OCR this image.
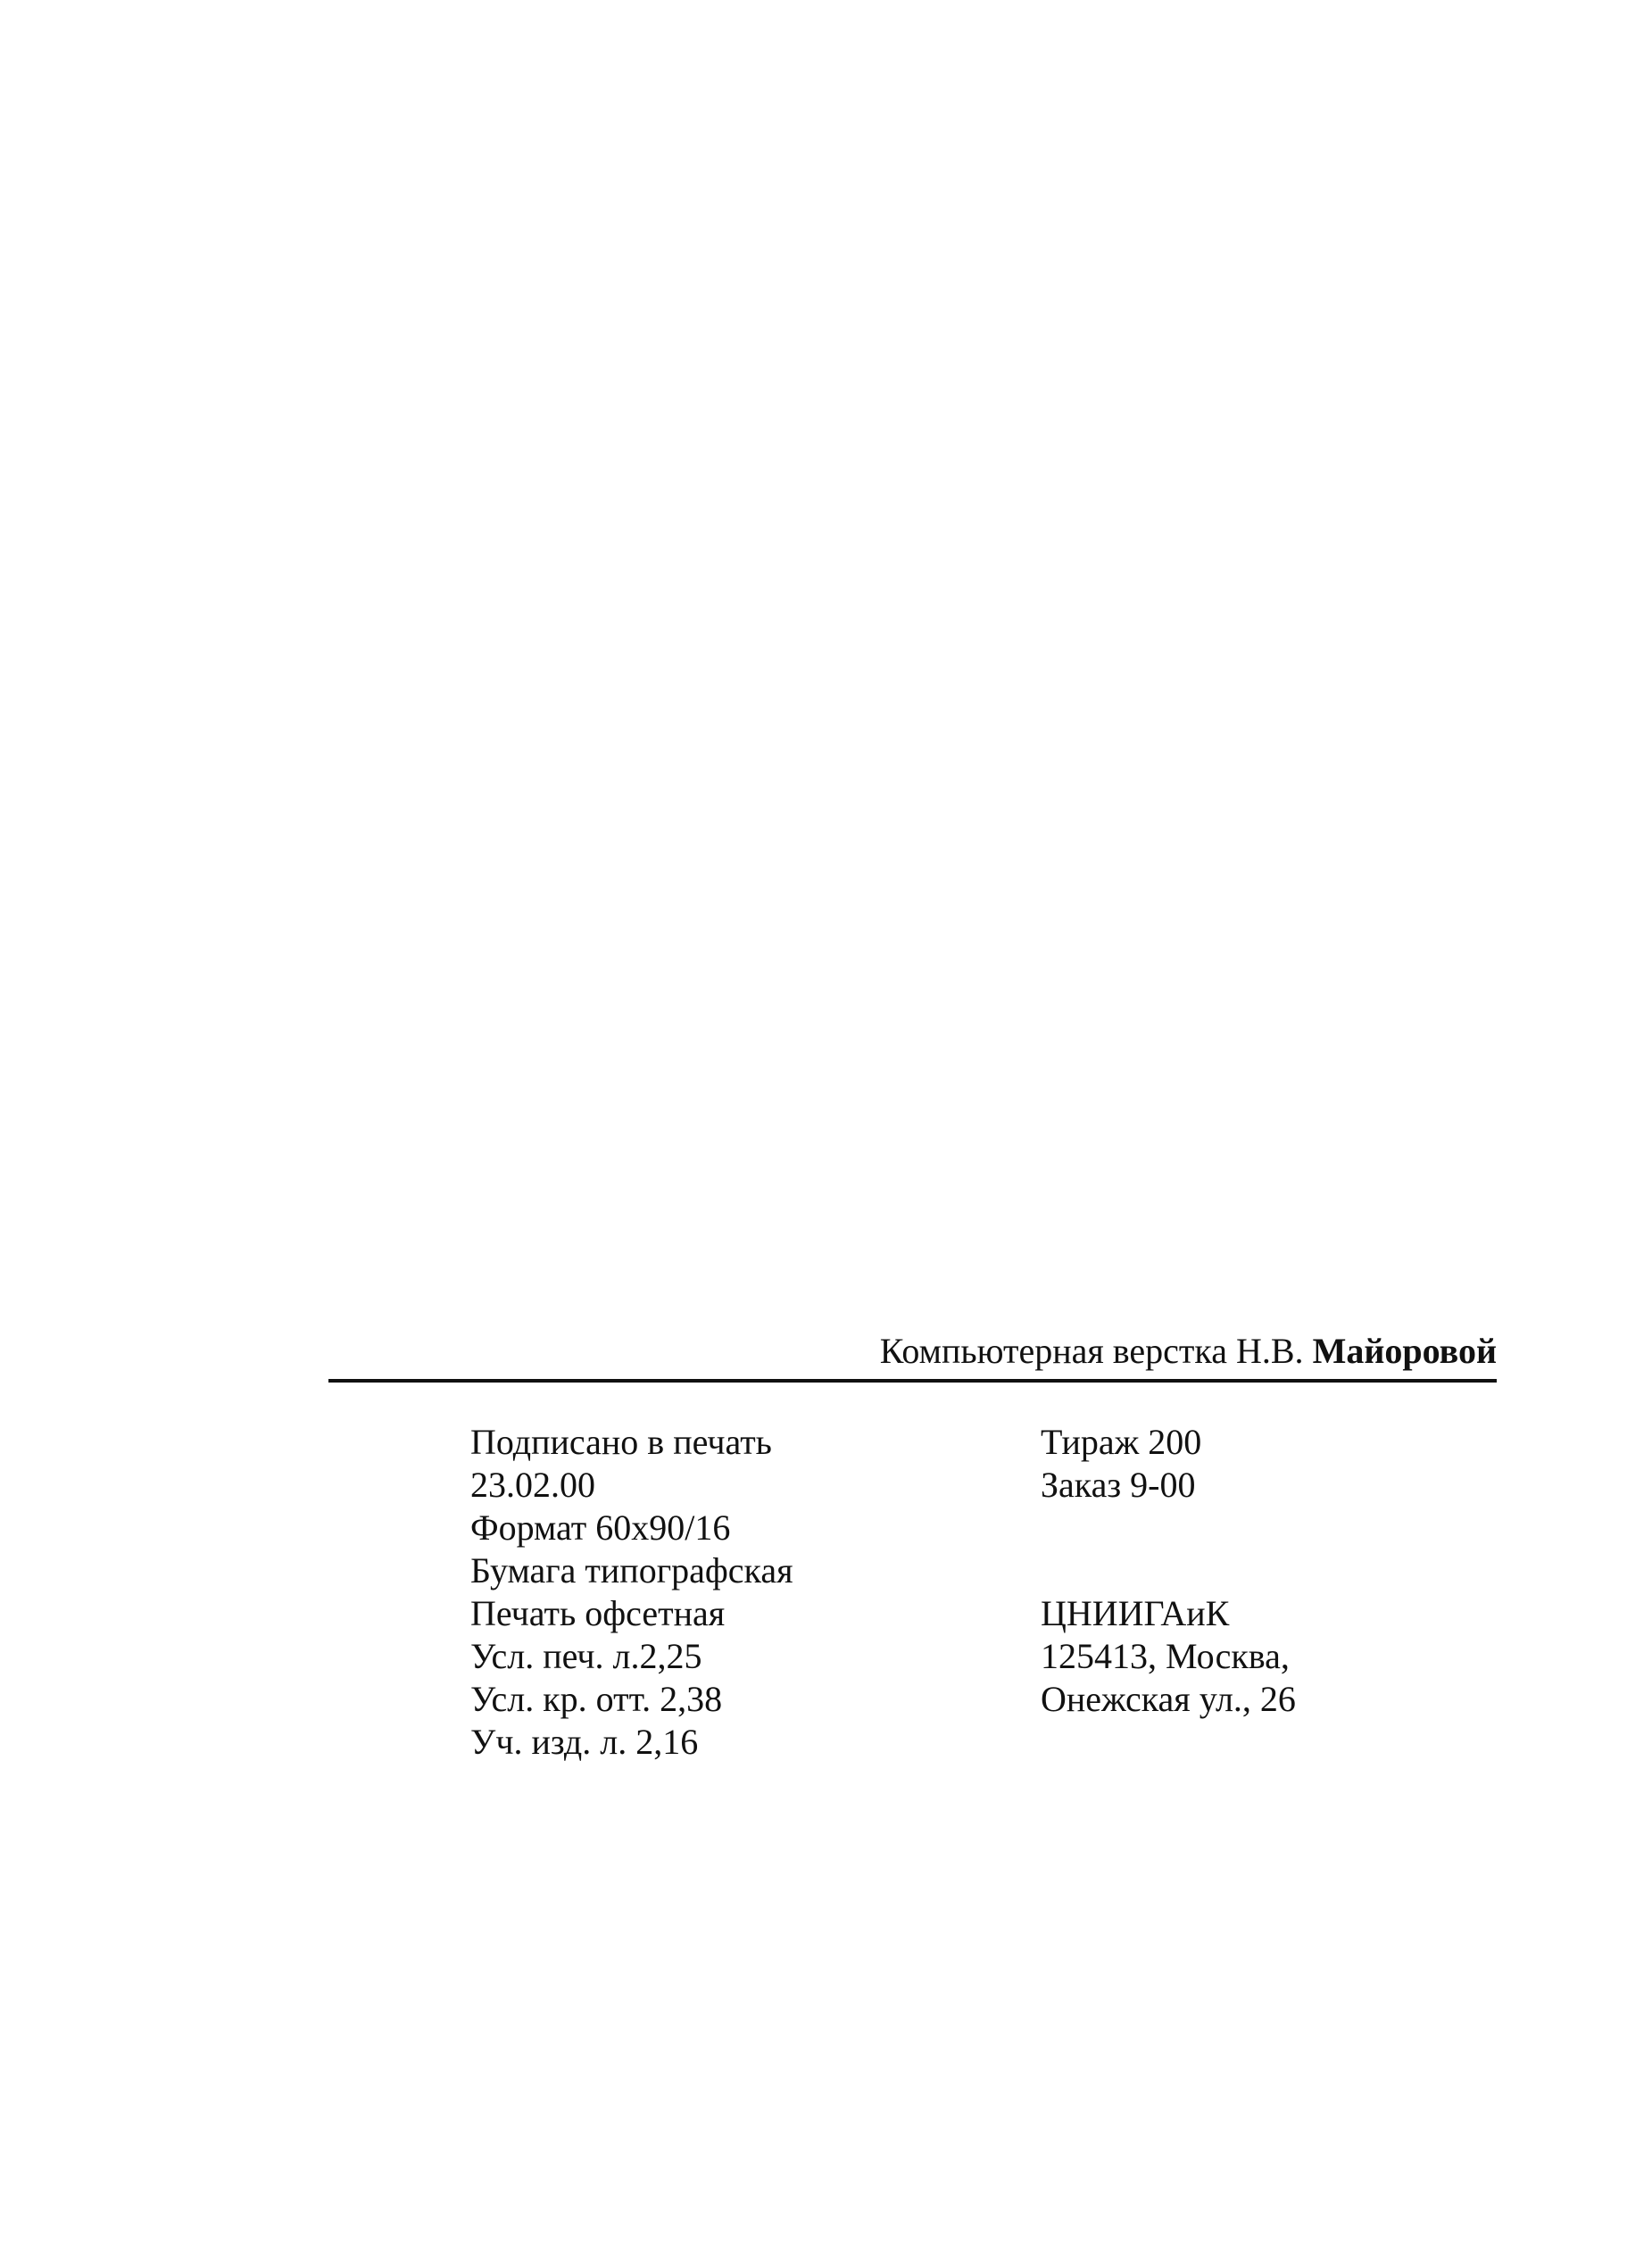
Компьютерная верстка Н.В. Майоровой
Подписано в печать
23.02.00
Формат 60x90/16
Бумага типографская
Печать офсетная
Усл. печ. л.2,25
Усл. кр. отт. 2,38
Уч. изд. л. 2,16
Тираж 200
Заказ 9-00
ЦНИИГАиК
125413, Москва,
Онежская ул., 26
